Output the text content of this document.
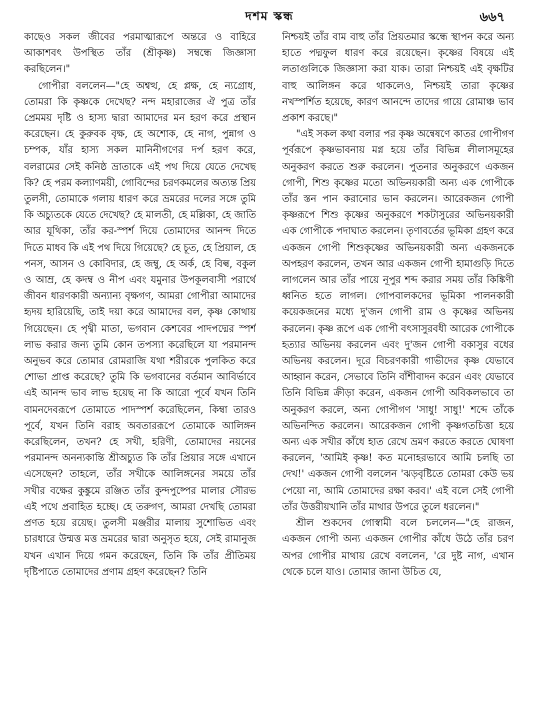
দশম স্কন্ধ	৬৬৭

কাছেও সকল জীবের পরমাত্মারূপে অন্তরে ও বাহিরে আকাশবৎ উপস্থিত তাঁর (শ্রীকৃষ্ণ) সম্বন্ধে জিজ্ঞাসা করছিলেন।"

গোপীরা বললেন—"হে অশ্বত্থ, হে প্লক্ষ, হে ন্যগ্রোধ, তোমরা কি কৃষ্ণকে দেখেছ? নন্দ মহারাজের ঐ পুত্র তাঁর প্রেমময় দৃষ্টি ও হাস্য দ্বারা আমাদের মন হরণ করে প্রস্থান করেছেন। হে কুরুবক বৃক্ষ, হে অশোক, হে নাগ, পুন্নাগ ও চম্পক, যাঁর হাস্য সকল মানিনীগণের দর্প হরণ করে, বলরামের সেই কনিষ্ঠ ভ্রাতাকে এই পথ দিয়ে যেতে দেখেছ কি? হে পরম কল্যাণময়ী, গোবিন্দের চরণকমলের অত্যন্ত প্রিয় তুলসী, তোমাকে গলায় ধারণ করে ভ্রমরের দলের সঙ্গে তুমি কি অচ্যুতকে যেতে দেখেছ? হে মালতী, হে মল্লিকা, হে জাতি আর যূথিকা, তাঁর কর-স্পর্শ দিয়ে তোমাদের আনন্দ দিতে দিতে মাধব কি এই পথ দিয়ে গিয়েছে? হে চূত, হে প্রিয়াল, হে পনস, আসন ও কোবিদার, হে জম্বু, হে অর্ক, হে বিল্ব, বকুল ও আম্র, হে কদম্ব ও নীপ এবং যমুনার উপকূলবাসী পরার্থে জীবন ধারণকারী অন্যান্য বৃক্ষগণ, আমরা গোপীরা আমাদের হৃদয় হারিয়েছি, তাই দয়া করে আমাদের বল, কৃষ্ণ কোথায় গিয়েছেন। হে পৃথ্বী মাতা, ভগবান কেশবের পাদপদ্মের স্পর্শ লাভ করার জন্য তুমি কোন তপস্যা করেছিলে যা পরমানন্দ অনুভব করে তোমার রোমরাজি যথা শরীরকে পুলকিত করে শোভা প্রাপ্ত করেছে? তুমি কি ভগবানের বর্তমান আবির্ভাবে এই আনন্দ ভাব লাভ হয়েছ না কি আরো পূর্বে যখন তিনি বামনদেবরূপে তোমাতে পাদস্পর্শ করেছিলেন, কিম্বা তারও পূর্বে, যখন তিনি বরাহ অবতাররূপে তোমাকে আলিঙ্গন করেছিলেন, তখন? হে সখী, হরিণী, তোমাদের নয়নের পরমানন্দ অনন্যকান্তি শ্রীঅচ্যুত কি তাঁর প্রিয়ার সঙ্গে এখানে এসেছেন? তাহলে, তাঁর সখীকে আলিঙ্গনের সময়ে তাঁর সখীর বক্ষের কুঙ্কুমে রঞ্জিত তাঁর কুন্দপুষ্পের মালার সৌরভ এই পথে প্রবাহিত হচ্ছে। হে তরুগণ, আমরা দেখছি তোমরা প্রণত হয়ে রয়েছ। তুলসী মঞ্জরীর মালায় সুশোভিত এবং চারধারে উন্মত্ত মত্ত ভ্রমরের দ্বারা অনুসৃত হয়ে, সেই রামানুজ যখন এখান দিয়ে গমন করেছেন, তিনি কি তাঁর প্রীতিময় দৃষ্টিপাতে তোমাদের প্রণাম গ্রহণ করেছেন? তিনি

নিশ্চয়ই তাঁর বাম বাহু তাঁর প্রিয়তমার স্কন্ধে স্থাপন করে অন্য হাতে পদ্মফুল ধারণ করে রয়েছেন। কৃষ্ণের বিষয়ে এই লতাগুলিকে জিজ্ঞাসা করা যাক। তারা নিশ্চয়ই এই বৃক্ষটির বাহু আলিঙ্গন করে থাকলেও, নিশ্চয়ই তারা কৃষ্ণের নখস্পর্শিত হয়েছে, কারণ আনন্দে তাদের গায়ে রোমাঞ্চ ভাব প্রকাশ করছে।"

"এই সকল কথা বলার পর কৃষ্ণ অন্বেষণে কাতর গোপীগণ পূর্বরূপে কৃষ্ণভাবনায় মগ্ন হয়ে তাঁর বিভিন্ন লীলাসমূহের অনুকরণ করতে শুরু করলেন। পুতনার অনুকরণে একজন গোপী, শিশু কৃষ্ণের মতো অভিনয়কারী অন্য এক গোপীকে তাঁর স্তন পান করানোর ভান করলেন। আরেকজন গোপী কৃষ্ণরূপে শিশু কৃষ্ণের অনুকরণে শকটাসুরের অভিনয়কারী এক গোপীকে পদাঘাত করলেন। তৃণাবর্তের ভূমিকা গ্রহণ করে একজন গোপী শিশুকৃষ্ণের অভিনয়কারী অন্য একজনকে অপহরণ করলেন, তখন আর একজন গোপী হামাগুড়ি দিতে লাগলেন আর তাঁর পায়ে নূপুর শব্দ করার সময় তাঁর কিঙ্কিণী ধ্বনিত হতে লাগল। গোপবালকদের ভূমিকা পালনকারী কয়েকজনের মধ্যে দু'জন গোপী রাম ও কৃষ্ণের অভিনয় করলেন। কৃষ্ণ রূপে এক গোপী বৎসাসুরবধী আরেক গোপীকে হত্যার অভিনয় করলেন এবং দু'জন গোপী বকাসুর বধের অভিনয় করলেন। দূরে বিচরণকারী গাভীদের কৃষ্ণ যেভাবে আহ্বান করেন, সেভাবে তিনি বাঁশীবাদন করেন এবং যেভাবে তিনি বিভিন্ন ক্রীড়া করেন, একজন গোপী অবিকলভাবে তা অনুকরণ করলে, অন্য গোপীগণ 'সাধু! সাধু!' শব্দে তাঁকে অভিনন্দিত করলেন। আরেকজন গোপী কৃষ্ণগতচিত্তা হয়ে অন্য এক সখীর কাঁধে হাত রেখে ভ্রমণ করতে করতে ঘোষণা করলেন, 'আমিই কৃষ্ণ! কত মনোহরভাবে আমি চলছি তা দেখ!' একজন গোপী বললেন 'ঝড়বৃষ্টিতে তোমরা কেউ ভয় পেয়ো না, আমি তোমাদের রক্ষা করব।' এই বলে সেই গোপী তাঁর উত্তরীয়খানি তাঁর মাথার উপরে তুলে ধরলেন।"

শ্রীল শুকদেব গোস্বামী বলে চললেন—"হে রাজন, একজন গোপী অন্য একজন গোপীর কাঁধে উঠে তাঁর চরণ অপর গোপীর মাথায় রেখে বললেন, 'রে দুষ্ট নাগ, এখান থেকে চলে যাও। তোমার জানা উচিত যে,
